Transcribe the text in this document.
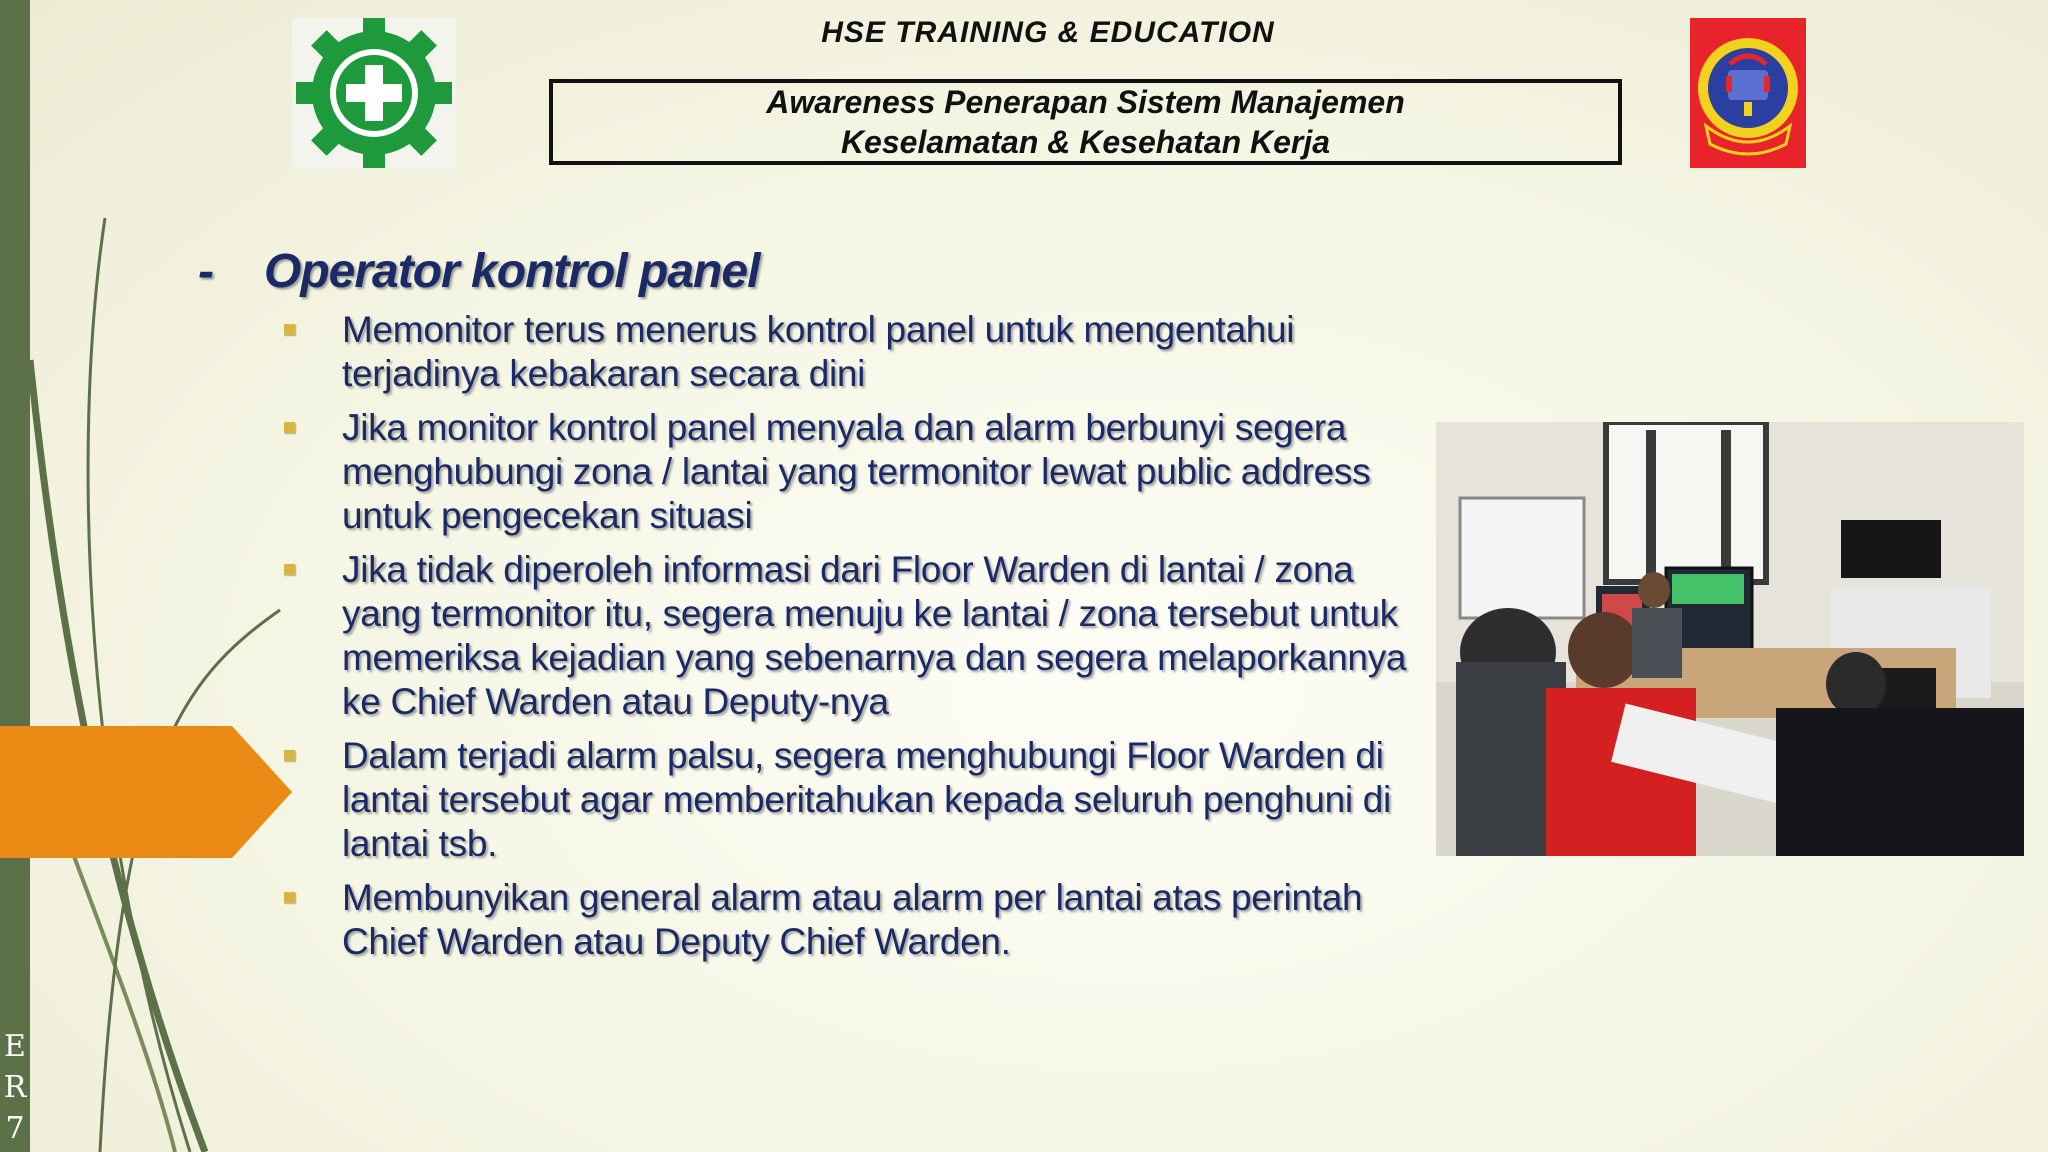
E
R
7
HSE TRAINING & EDUCATION
Awareness Penerapan Sistem Manajemen
Keselamatan & Kesehatan Kerja
- Operator kontrol panel
Memonitor terus menerus kontrol panel untuk mengentahui terjadinya kebakaran secara dini
Jika monitor kontrol panel menyala dan alarm berbunyi segera menghubungi zona / lantai yang termonitor lewat public address untuk pengecekan situasi
Jika tidak diperoleh informasi dari Floor Warden di lantai / zona yang termonitor itu, segera menuju ke lantai / zona tersebut untuk memeriksa kejadian yang sebenarnya dan segera melaporkannya ke Chief Warden atau Deputy-nya
Dalam terjadi alarm palsu, segera menghubungi Floor Warden di lantai tersebut agar memberitahukan kepada seluruh penghuni di lantai tsb.
Membunyikan general alarm atau alarm per lantai atas perintah Chief Warden atau Deputy Chief Warden.
